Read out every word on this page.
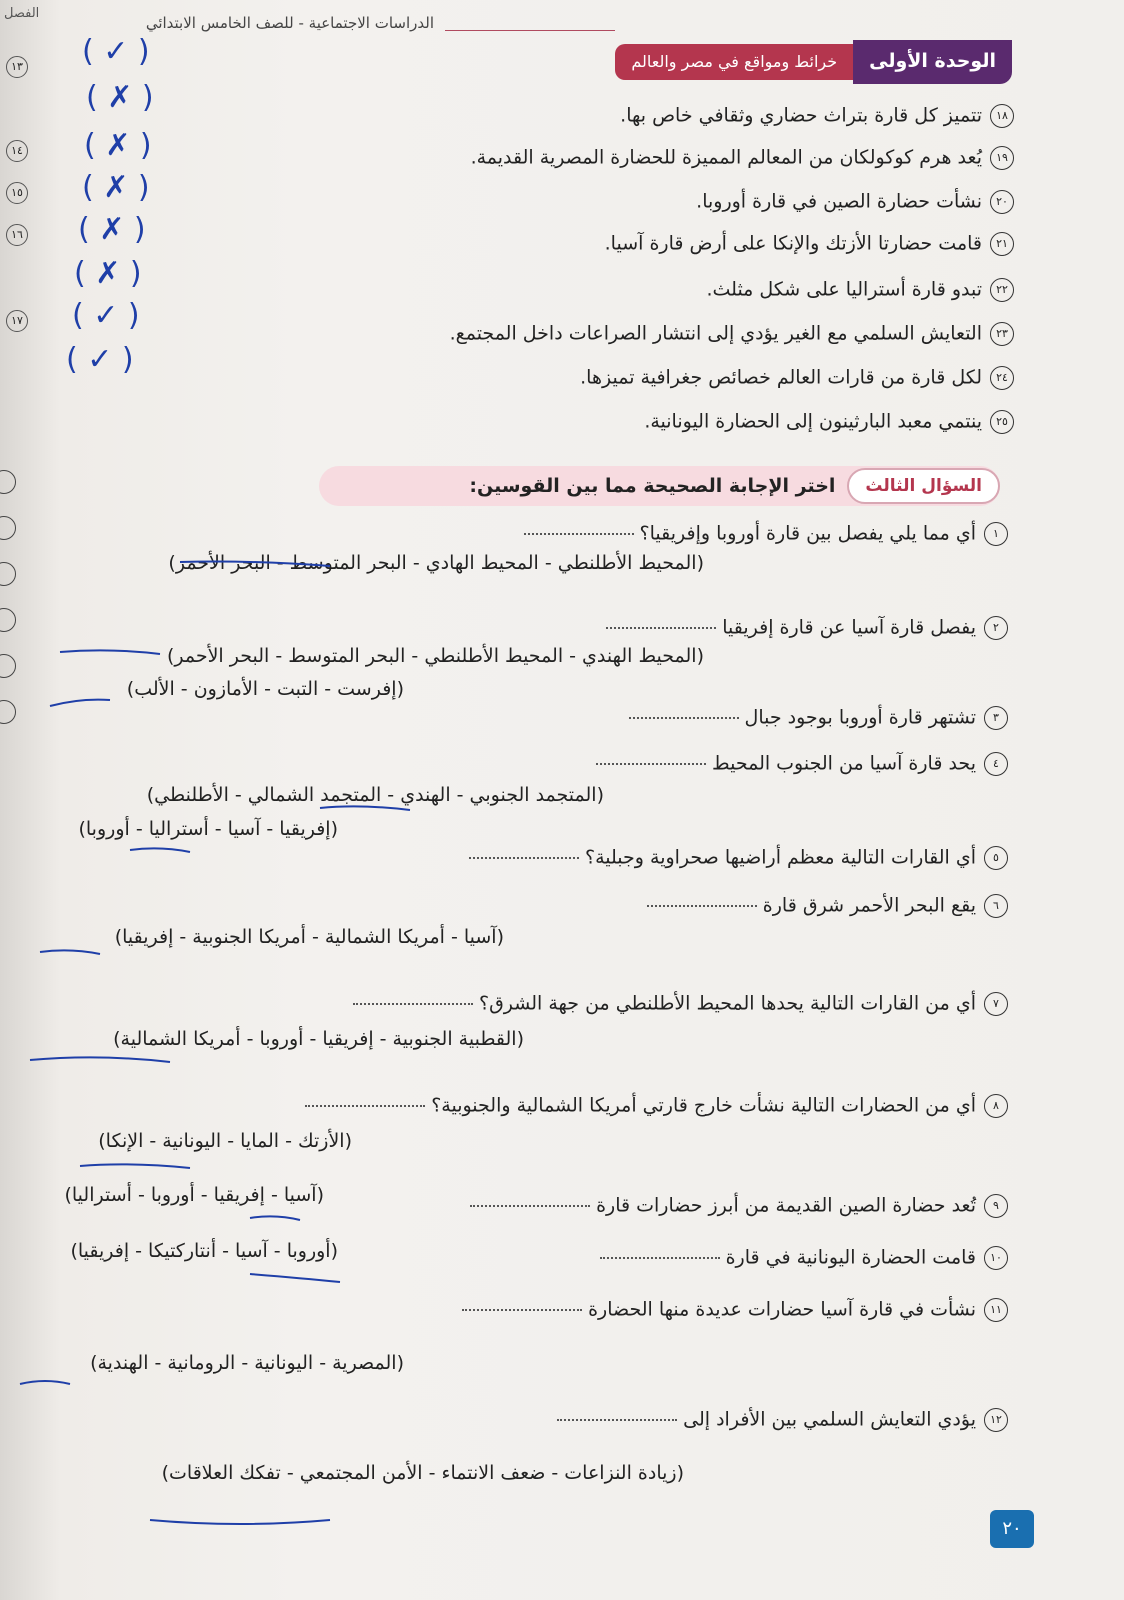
الفصل
الدراسات الاجتماعية - للصف الخامس الابتدائي
الوحدة الأولى
خرائط ومواقع في مصر والعالم
١٣
١٤
١٥
١٦
١٧
١٨تتميز كل قارة بتراث حضاري وثقافي خاص بها.
١٩يُعد هرم كوكولكان من المعالم المميزة للحضارة المصرية القديمة.
٢٠نشأت حضارة الصين في قارة أوروبا.
٢١قامت حضارتا الأزتك والإنكا على أرض قارة آسيا.
٢٢تبدو قارة أستراليا على شكل مثلث.
٢٣التعايش السلمي مع الغير يؤدي إلى انتشار الصراعات داخل المجتمع.
٢٤لكل قارة من قارات العالم خصائص جغرافية تميزها.
٢٥ينتمي معبد البارثينون إلى الحضارة اليونانية.
( ✓ )
( ✗ )
( ✗ )
( ✗ )
( ✗ )
( ✗ )
( ✓ )
( ✓ )
السؤال الثالث
اختر الإجابة الصحيحة مما بين القوسين:
١أي مما يلي يفصل بين قارة أوروبا وإفريقيا؟
(المحيط الأطلنطي - المحيط الهادي - البحر المتوسط - البحر الأحمر)
٢يفصل قارة آسيا عن قارة إفريقيا
(المحيط الهندي - المحيط الأطلنطي - البحر المتوسط - البحر الأحمر)
(إفرست - التبت - الأمازون - الألب)
٣تشتهر قارة أوروبا بوجود جبال
٤يحد قارة آسيا من الجنوب المحيط
(المتجمد الجنوبي - الهندي - المتجمد الشمالي - الأطلنطي)
٥أي القارات التالية معظم أراضيها صحراوية وجبلية؟
(إفريقيا - آسيا - أستراليا - أوروبا)
٦يقع البحر الأحمر شرق قارة
(آسيا - أمريكا الشمالية - أمريكا الجنوبية - إفريقيا)
٧أي من القارات التالية يحدها المحيط الأطلنطي من جهة الشرق؟
(القطبية الجنوبية - إفريقيا - أوروبا - أمريكا الشمالية)
٨أي من الحضارات التالية نشأت خارج قارتي أمريكا الشمالية والجنوبية؟
(الأزتك - المايا - اليونانية - الإنكا)
٩تُعد حضارة الصين القديمة من أبرز حضارات قارة
(آسيا - إفريقيا - أوروبا - أستراليا)
١٠قامت الحضارة اليونانية في قارة
(أوروبا - آسيا - أنتاركتيكا - إفريقيا)
١١نشأت في قارة آسيا حضارات عديدة منها الحضارة
(المصرية - اليونانية - الرومانية - الهندية)
١٢يؤدي التعايش السلمي بين الأفراد إلى
(زيادة النزاعات - ضعف الانتماء - الأمن المجتمعي - تفكك العلاقات)
٢٠
